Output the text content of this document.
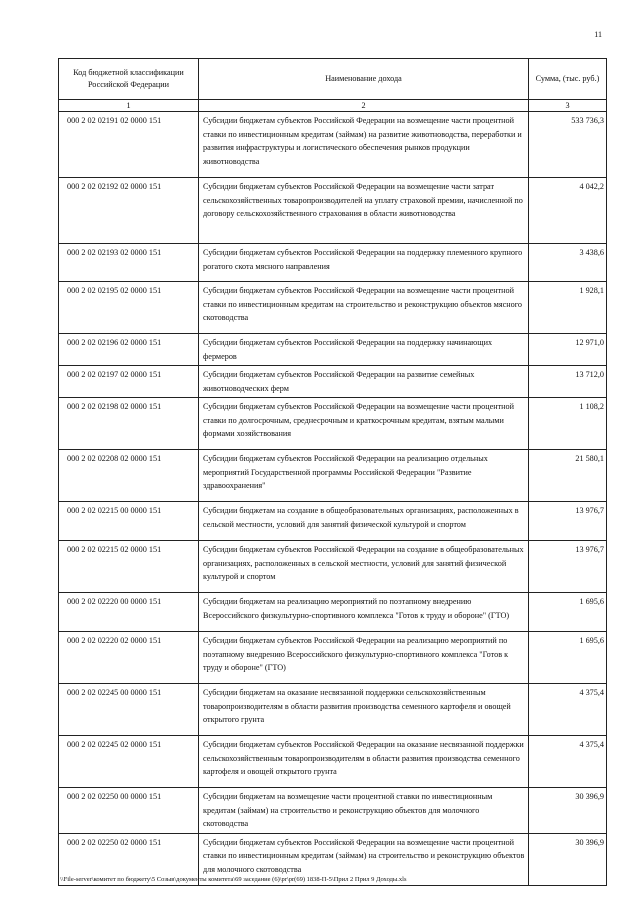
11
Код бюджетной классификации Российской Федерации	Наименование дохода	Сумма, (тыс. руб.)
1	2	3
000 2 02 02191 02 0000 151	Субсидии бюджетам субъектов Российской Федерации на возмещение части процентной ставки по инвестиционным кредитам (займам) на развитие животноводства, переработки и развития инфраструктуры и логистического обеспечения рынков продукции животноводства	533 736,3
000 2 02 02192 02 0000 151	Субсидии бюджетам субъектов Российской Федерации на возмещение части затрат сельскохозяйственных товаропроизводителей на уплату страховой премии, начисленной по договору сельскохозяйственного страхования в области животноводства	4 042,2
000 2 02 02193 02 0000 151	Субсидии бюджетам субъектов Российской Федерации на поддержку племенного крупного рогатого скота мясного направления	3 438,6
000 2 02 02195 02 0000 151	Субсидии бюджетам субъектов Российской Федерации на возмещение части процентной ставки по инвестиционным кредитам на строительство и реконструкцию объектов мясного скотоводства	1 928,1
000 2 02 02196 02 0000 151	Субсидии бюджетам субъектов Российской Федерации на поддержку начинающих фермеров	12 971,0
000 2 02 02197 02 0000 151	Субсидии бюджетам субъектов Российской Федерации на развитие семейных животноводческих ферм	13 712,0
000 2 02 02198 02 0000 151	Субсидии бюджетам субъектов Российской Федерации на возмещение части процентной ставки по долгосрочным, среднесрочным и краткосрочным кредитам, взятым малыми формами хозяйствования	1 108,2
000 2 02 02208 02 0000 151	Субсидии бюджетам субъектов Российской Федерации на реализацию отдельных мероприятий Государственной программы Российской Федерации "Развитие здравоохранения"	21 580,1
000 2 02 02215 00 0000 151	Субсидии бюджетам на создание в общеобразовательных организациях, расположенных в сельской местности, условий для занятий физической культурой и спортом	13 976,7
000 2 02 02215 02 0000 151	Субсидии бюджетам субъектов Российской Федерации на создание в общеобразовательных организациях, расположенных в сельской местности, условий для занятий физической культурой и спортом	13 976,7
000 2 02 02220 00 0000 151	Субсидии бюджетам на реализацию мероприятий по поэтапному внедрению Всероссийского физкультурно-спортивного комплекса "Готов к труду и обороне" (ГТО)	1 695,6
000 2 02 02220 02 0000 151	Субсидии бюджетам субъектов Российской Федерации на реализацию мероприятий по поэтапному внедрению Всероссийского физкультурно-спортивного комплекса "Готов к труду и обороне" (ГТО)	1 695,6
000 2 02 02245 00 0000 151	Субсидии бюджетам на оказание несвязанной поддержки сельскохозяйственным товаропроизводителям в области развития производства семенного картофеля и овощей открытого грунта	4 375,4
000 2 02 02245 02 0000 151	Субсидии бюджетам субъектов Российской Федерации на оказание несвязанной поддержки сельскохозяйственным товаропроизводителям в области развития производства семенного картофеля и овощей открытого грунта	4 375,4
000 2 02 02250 00 0000 151	Субсидии бюджетам на возмещение части процентной ставки по инвестиционным кредитам (займам) на строительство и реконструкцию объектов для молочного скотоводства	30 396,9
000 2 02 02250 02 0000 151	Субсидии бюджетам субъектов Российской Федерации на возмещение части процентной ставки по инвестиционным кредитам (займам) на строительство и реконструкцию объектов для молочного скотоводства	30 396,9
\\File-server\комитет по бюджету\5 Созыв\документы комитета\69 заседание (6)\pr\pr(69) 1838-П-5\Прил 2 Прил 9 Доходы.xls
